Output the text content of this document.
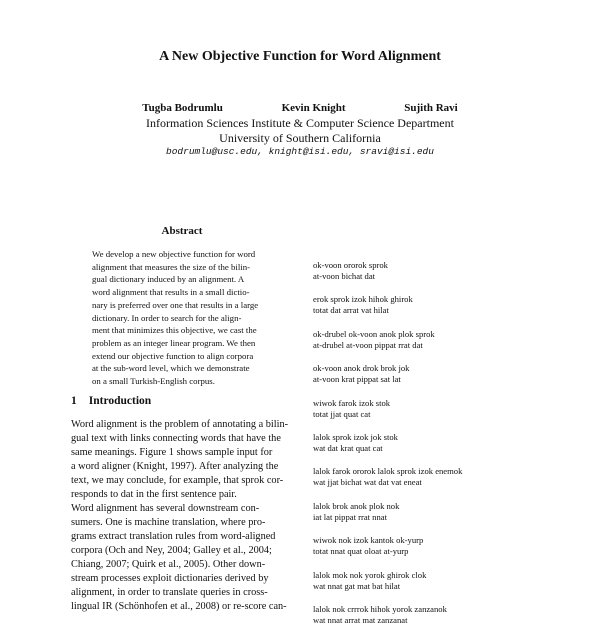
A New Objective Function for Word Alignment
Tugba Bodrumlu	Kevin Knight	Sujith Ravi
Information Sciences Institute & Computer Science Department
University of Southern California
bodrumlu@usc.edu, knight@isi.edu, sravi@isi.edu
Abstract
We develop a new objective function for word
alignment that measures the size of the bilin-
gual dictionary induced by an alignment. A
word alignment that results in a small dictio-
nary is preferred over one that results in a large
dictionary. In order to search for the align-
ment that minimizes this objective, we cast the
problem as an integer linear program. We then
extend our objective function to align corpora
at the sub-word level, which we demonstrate
on a small Turkish-English corpus.
1 Introduction
Word alignment is the problem of annotating a bilin-
gual text with links connecting words that have the
same meanings. Figure 1 shows sample input for
a word aligner (Knight, 1997). After analyzing the
text, we may conclude, for example, that sprok cor-
responds to dat in the first sentence pair.
Word alignment has several downstream con-
sumers. One is machine translation, where pro-
grams extract translation rules from word-aligned
corpora (Och and Ney, 2004; Galley et al., 2004;
Chiang, 2007; Quirk et al., 2005). Other down-
stream processes exploit dictionaries derived by
alignment, in order to translate queries in cross-
lingual IR (Schönhofen et al., 2008) or re-score can-
ok-voon ororok sprok
at-voon bichat dat
erok sprok izok hihok ghirok
totat dat arrat vat hilat
ok-drubel ok-voon anok plok sprok
at-drubel at-voon pippat rrat dat
ok-voon anok drok brok jok
at-voon krat pippat sat lat
wiwok farok izok stok
totat jjat quat cat
lalok sprok izok jok stok
wat dat krat quat cat
lalok farok ororok lalok sprok izok enemok
wat jjat bichat wat dat vat eneat
lalok brok anok plok nok
iat lat pippat rrat nnat
wiwok nok izok kantok ok-yurp
totat nnat quat oloat at-yurp
lalok mok nok yorok ghirok clok
wat nnat gat mat bat hilat
lalok nok crrrok hihok yorok zanzanok
wat nnat arrat mat zanzanat
